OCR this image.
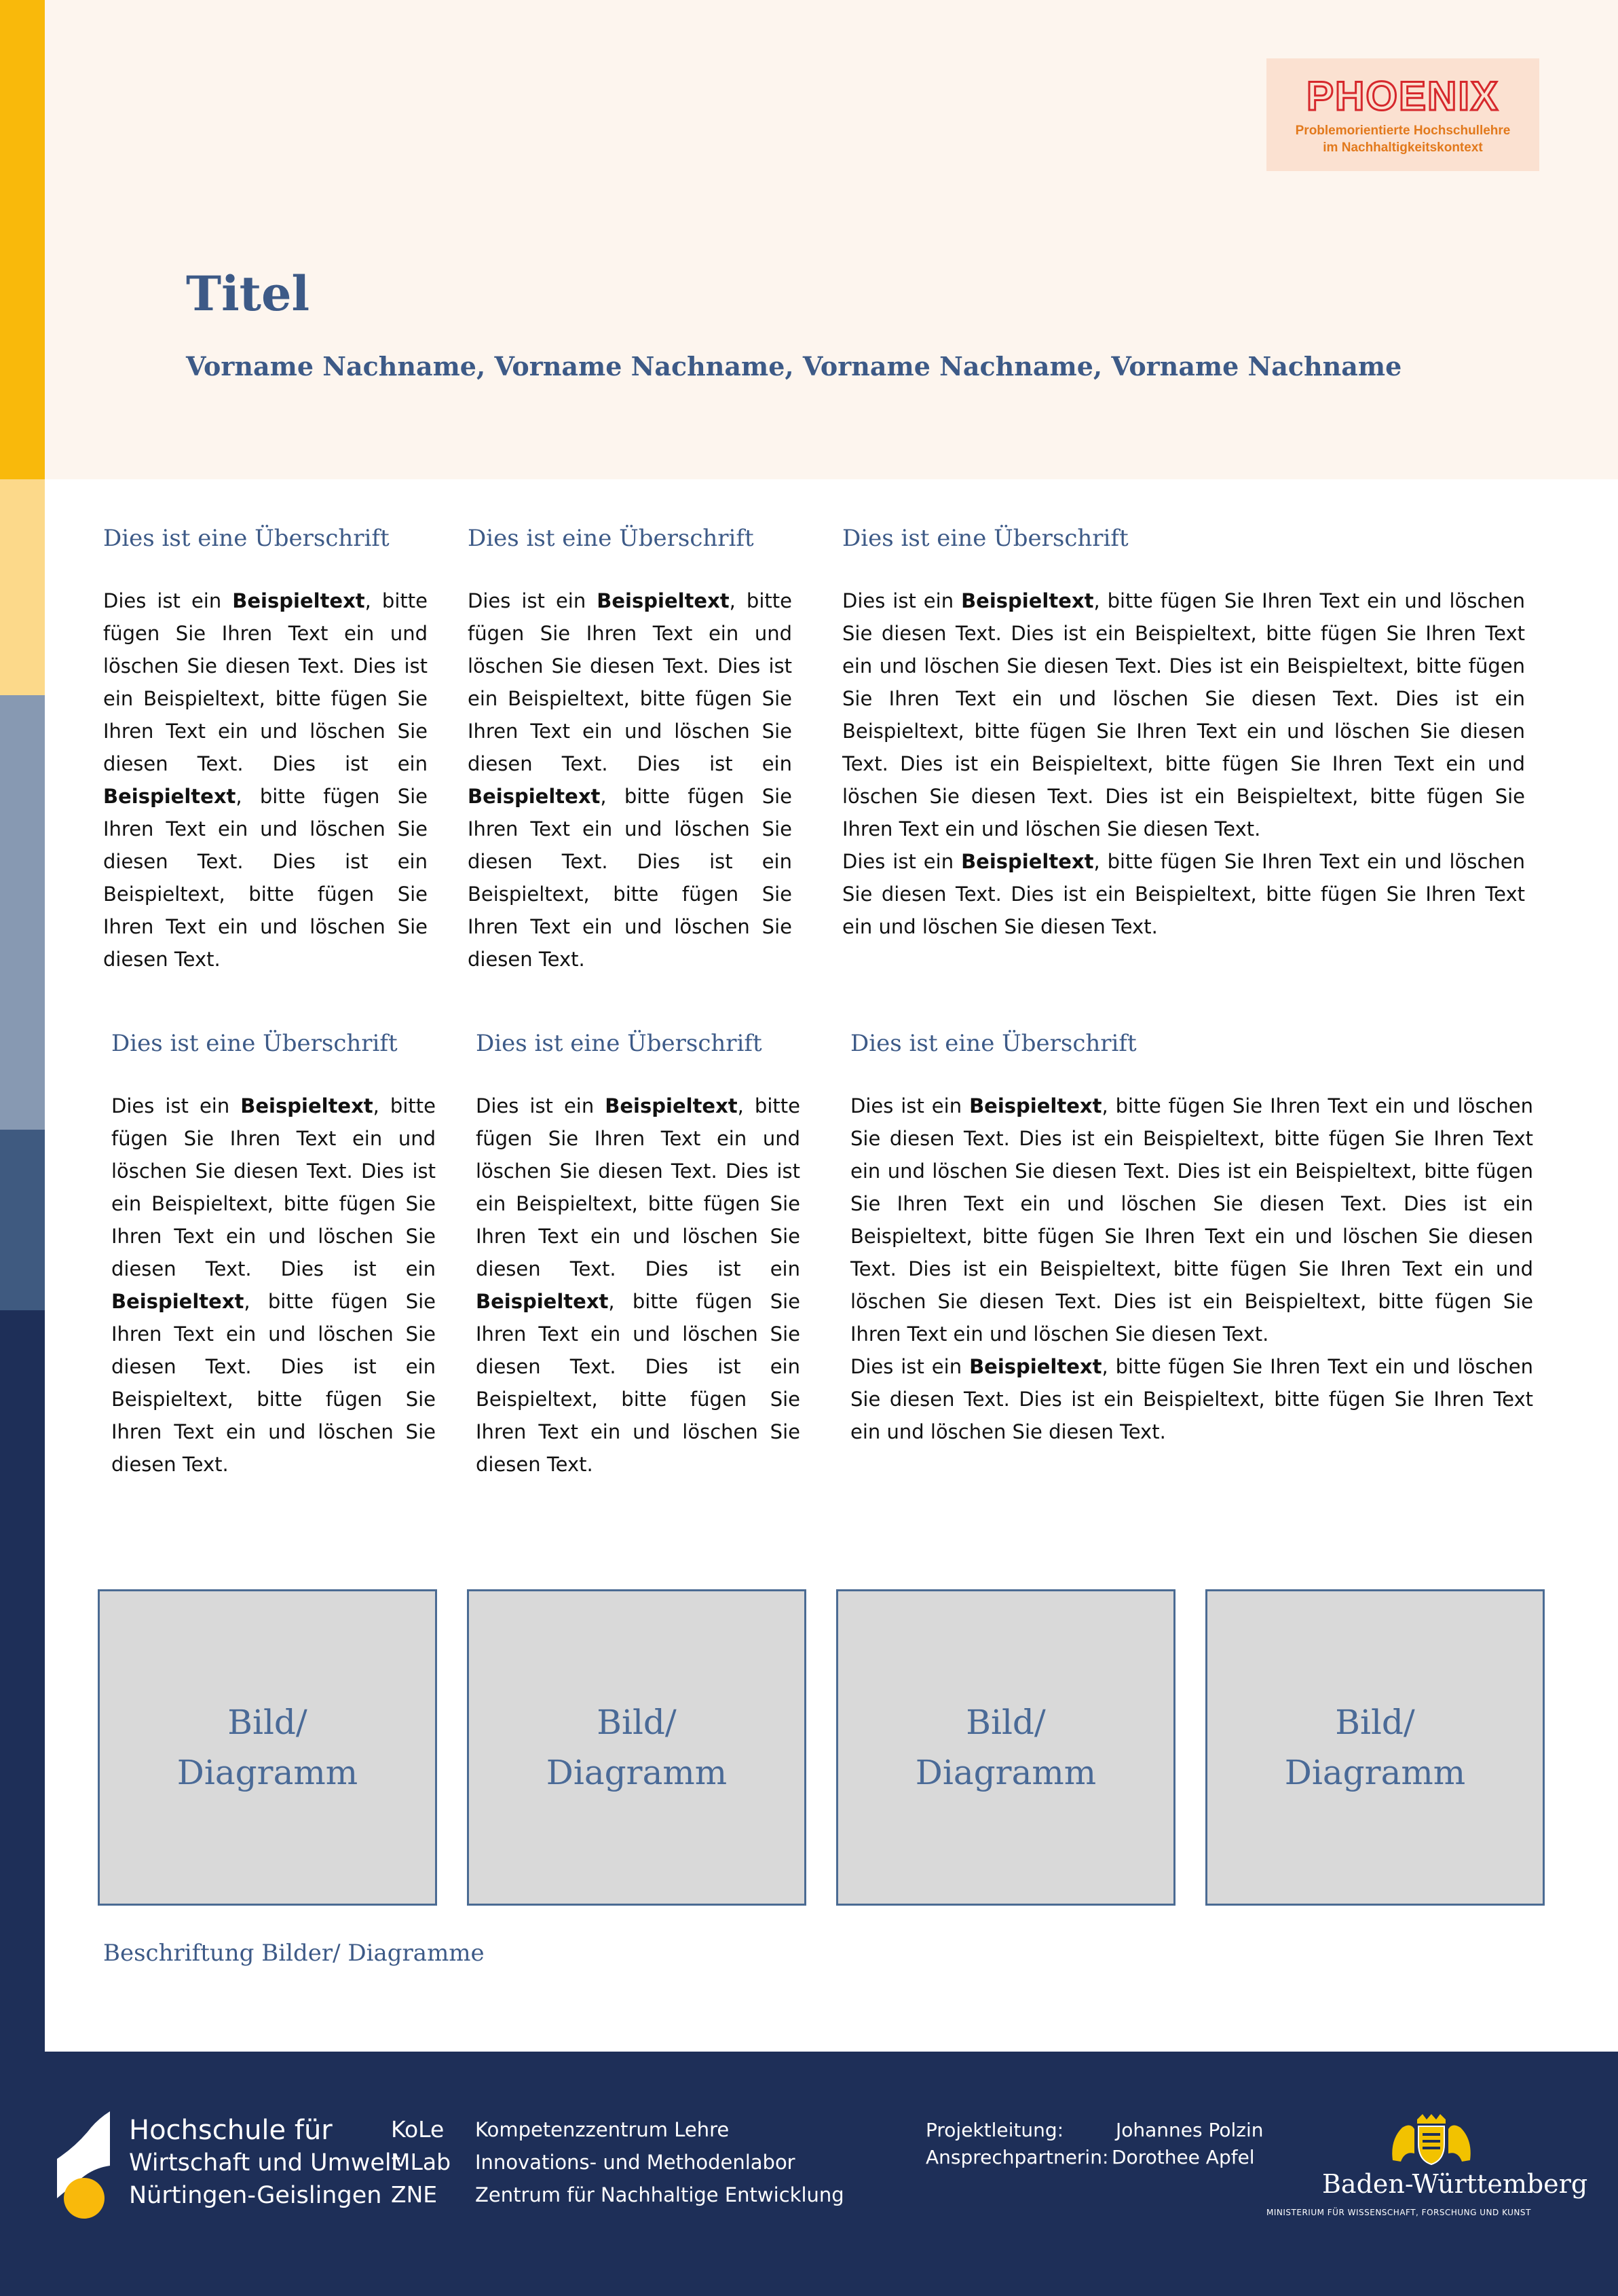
PHOENIX
Problemorientierte Hochschullehre
im Nachhaltigkeitskontext
Titel
Vorname Nachname, Vorname Nachname, Vorname Nachname, Vorname Nachname
Dies ist eine Überschrift

Dies ist ein Beispieltext, bitte fügen Sie Ihren Text ein und löschen Sie diesen Text. Dies ist ein Beispieltext, bitte fügen Sie Ihren Text ein und löschen Sie diesen Text. Dies ist ein Beispieltext, bitte fügen Sie Ihren Text ein und löschen Sie diesen Text. Dies ist ein Beispieltext, bitte fügen Sie Ihren Text ein und löschen Sie diesen Text.

Dies ist eine Überschrift

Dies ist ein Beispieltext, bitte fügen Sie Ihren Text ein und löschen Sie diesen Text. Dies ist ein Beispieltext, bitte fügen Sie Ihren Text ein und löschen Sie diesen Text. Dies ist ein Beispieltext, bitte fügen Sie Ihren Text ein und löschen Sie diesen Text. Dies ist ein Beispieltext, bitte fügen Sie Ihren Text ein und löschen Sie diesen Text.

Dies ist eine Überschrift

Dies ist ein Beispieltext, bitte fügen Sie Ihren Text ein und löschen Sie diesen Text. Dies ist ein Beispieltext, bitte fügen Sie Ihren Text ein und löschen Sie diesen Text. Dies ist ein Beispieltext, bitte fügen Sie Ihren Text ein und löschen Sie diesen Text. Dies ist ein Beispieltext, bitte fügen Sie Ihren Text ein und löschen Sie diesen Text. Dies ist ein Beispieltext, bitte fügen Sie Ihren Text ein und löschen Sie diesen Text. Dies ist ein Beispieltext, bitte fügen Sie Ihren Text ein und löschen Sie diesen Text.
Dies ist ein Beispieltext, bitte fügen Sie Ihren Text ein und löschen Sie diesen Text. Dies ist ein Beispieltext, bitte fügen Sie Ihren Text ein und löschen Sie diesen Text.

Dies ist eine Überschrift

Dies ist ein Beispieltext, bitte fügen Sie Ihren Text ein und löschen Sie diesen Text. Dies ist ein Beispieltext, bitte fügen Sie Ihren Text ein und löschen Sie diesen Text. Dies ist ein Beispieltext, bitte fügen Sie Ihren Text ein und löschen Sie diesen Text. Dies ist ein Beispieltext, bitte fügen Sie Ihren Text ein und löschen Sie diesen Text.

Dies ist eine Überschrift

Dies ist ein Beispieltext, bitte fügen Sie Ihren Text ein und löschen Sie diesen Text. Dies ist ein Beispieltext, bitte fügen Sie Ihren Text ein und löschen Sie diesen Text. Dies ist ein Beispieltext, bitte fügen Sie Ihren Text ein und löschen Sie diesen Text. Dies ist ein Beispieltext, bitte fügen Sie Ihren Text ein und löschen Sie diesen Text.

Dies ist eine Überschrift

Dies ist ein Beispieltext, bitte fügen Sie Ihren Text ein und löschen Sie diesen Text. Dies ist ein Beispieltext, bitte fügen Sie Ihren Text ein und löschen Sie diesen Text. Dies ist ein Beispieltext, bitte fügen Sie Ihren Text ein und löschen Sie diesen Text. Dies ist ein Beispieltext, bitte fügen Sie Ihren Text ein und löschen Sie diesen Text. Dies ist ein Beispieltext, bitte fügen Sie Ihren Text ein und löschen Sie diesen Text. Dies ist ein Beispieltext, bitte fügen Sie Ihren Text ein und löschen Sie diesen Text.
Dies ist ein Beispieltext, bitte fügen Sie Ihren Text ein und löschen Sie diesen Text. Dies ist ein Beispieltext, bitte fügen Sie Ihren Text ein und löschen Sie diesen Text.

Bild/
Diagramm
Bild/
Diagramm
Bild/
Diagramm
Bild/
Diagramm
Beschriftung Bilder/ Diagramme
Hochschule für
Wirtschaft und Umwelt
Nürtingen-Geislingen
KoLe Kompetenzzentrum Lehre
MLab Innovations- und Methodenlabor
ZNE Zentrum für Nachhaltige Entwicklung
Projektleitung:	Johannes Polzin
Ansprechpartnerin: Dorothee Apfel
Baden-Württemberg
MINISTERIUM FÜR WISSENSCHAFT, FORSCHUNG UND KUNST
